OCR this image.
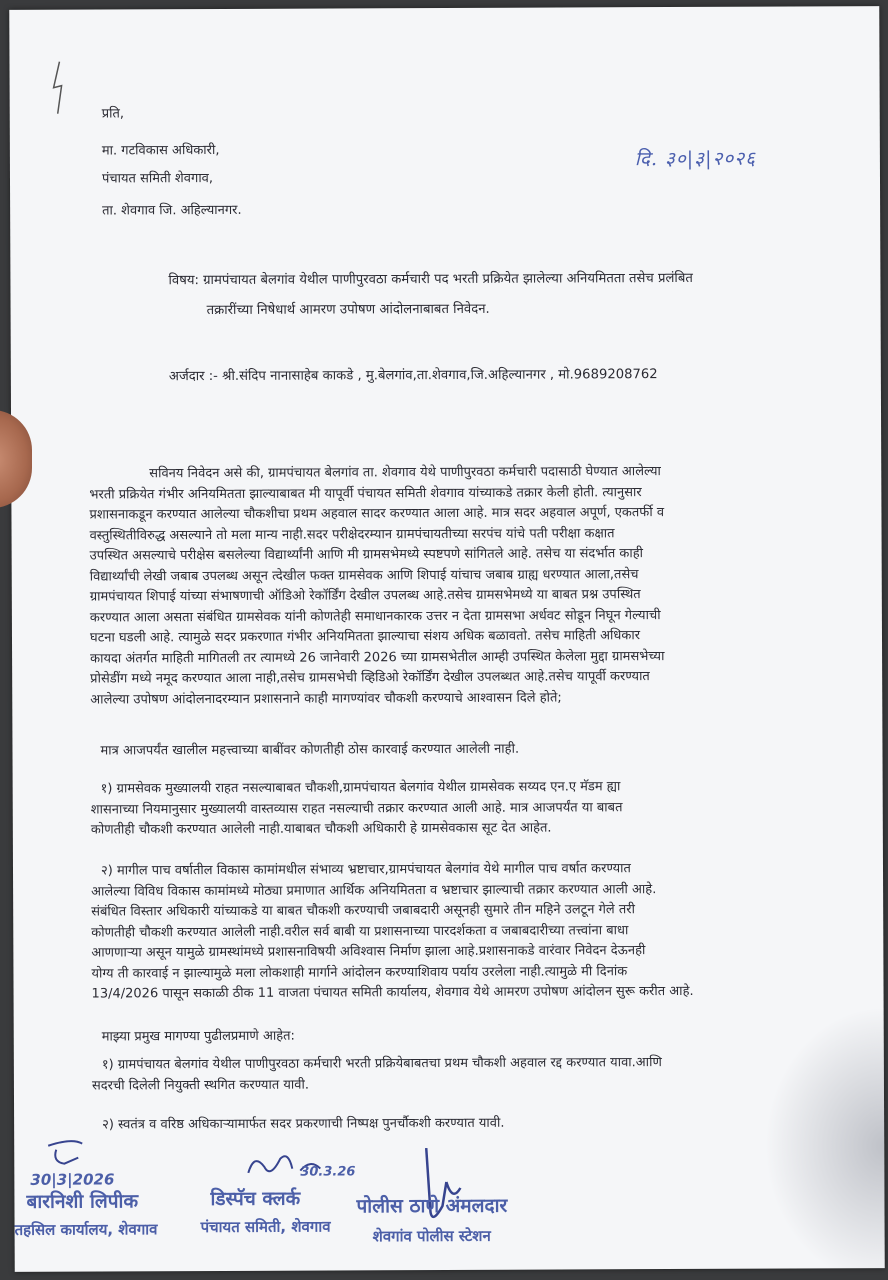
प्रति,
मा. गटविकास अधिकारी,
पंचायत समिती शेवगाव,
ता. शेवगाव जि. अहिल्यानगर.
दि. ३०|३|२०२६
विषय: ग्रामपंचायत बेलगांव येथील पाणीपुरवठा कर्मचारी पद भरती प्रक्रियेत झालेल्या अनियमितता तसेच प्रलंबित
तक्रारींच्या निषेधार्थ आमरण उपोषण आंदोलनाबाबत निवेदन.
अर्जदार :- श्री.संदिप नानासाहेब काकडे , मु.बेलगांव,ता.शेवगाव,जि.अहिल्यानगर , मो.9689208762
सविनय निवेदन असे की, ग्रामपंचायत बेलगांव ता. शेवगाव येथे पाणीपुरवठा कर्मचारी पदासाठी घेण्यात आलेल्या
भरती प्रक्रियेत गंभीर अनियमितता झाल्याबाबत मी यापूर्वी पंचायत समिती शेवगाव यांच्याकडे तक्रार केली होती. त्यानुसार
प्रशासनाकडून करण्यात आलेल्या चौकशीचा प्रथम अहवाल सादर करण्यात आला आहे. मात्र सदर अहवाल अपूर्ण, एकतर्फी व
वस्तुस्थितीविरुद्ध असल्याने तो मला मान्य नाही.सदर परीक्षेदरम्यान ग्रामपंचायतीच्या सरपंच यांचे पती परीक्षा कक्षात
उपस्थित असल्याचे परीक्षेस बसलेल्या विद्यार्थ्यांनी आणि मी ग्रामसभेमध्ये स्पष्टपणे सांगितले आहे. तसेच या संदर्भात काही
विद्यार्थ्यांची लेखी जबाब उपलब्ध असून त्देखील फक्त ग्रामसेवक आणि शिपाई यांचाच जबाब ग्राह्य धरण्यात आला,तसेच
ग्रामपंचायत शिपाई यांच्या संभाषणाची ऑडिओ रेकॉर्डिंग देखील उपलब्ध आहे.तसेच ग्रामसभेमध्ये या बाबत प्रश्न उपस्थित
करण्यात आला असता संबंधित ग्रामसेवक यांनी कोणतेही समाधानकारक उत्तर न देता ग्रामसभा अर्धवट सोडून निघून गेल्याची
घटना घडली आहे. त्यामुळे सदर प्रकरणात गंभीर अनियमितता झाल्याचा संशय अधिक बळावतो. तसेच माहिती अधिकार
कायदा अंतर्गत माहिती मागितली तर त्यामध्ये 26 जानेवारी 2026 च्या ग्रामसभेतील आम्ही उपस्थित केलेला मुद्दा ग्रामसभेच्या
प्रोसेडींग मध्ये नमूद करण्यात आला नाही,तसेच ग्रामसभेची व्हिडिओ रेकॉर्डिंग देखील उपलब्धत आहे.तसेच यापूर्वी करण्यात
आलेल्या उपोषण आंदोलनादरम्यान प्रशासनाने काही मागण्यांवर चौकशी करण्याचे आश्वासन दिले होते;
मात्र आजपर्यंत खालील महत्त्वाच्या बाबींवर कोणतीही ठोस कारवाई करण्यात आलेली नाही.
१) ग्रामसेवक मुख्यालयी राहत नसल्याबाबत चौकशी,ग्रामपंचायत बेलगांव येथील ग्रामसेवक सय्यद एन.ए मॅडम ह्या
शासनाच्या नियमानुसार मुख्यालयी वास्तव्यास राहत नसल्याची तक्रार करण्यात आली आहे. मात्र आजपर्यंत या बाबत
कोणतीही चौकशी करण्यात आलेली नाही.याबाबत चौकशी अधिकारी हे ग्रामसेवकास सूट देत आहेत.
२) मागील पाच वर्षातील विकास कामांमधील संभाव्य भ्रष्टाचार,ग्रामपंचायत बेलगांव येथे मागील पाच वर्षात करण्यात
आलेल्या विविध विकास कामांमध्ये मोठ्या प्रमाणात आर्थिक अनियमितता व भ्रष्टाचार झाल्याची तक्रार करण्यात आली आहे.
संबंधित विस्तार अधिकारी यांच्याकडे या बाबत चौकशी करण्याची जबाबदारी असूनही सुमारे तीन महिने उलटून गेले तरी
कोणतीही चौकशी करण्यात आलेली नाही.वरील सर्व बाबी या प्रशासनाच्या पारदर्शकता व जबाबदारीच्या तत्त्वांना बाधा
आणणाऱ्या असून यामुळे ग्रामस्थांमध्ये प्रशासनाविषयी अविश्वास निर्माण झाला आहे.प्रशासनाकडे वारंवार निवेदन देऊनही
योग्य ती कारवाई न झाल्यामुळे मला लोकशाही मार्गाने आंदोलन करण्याशिवाय पर्याय उरलेला नाही.त्यामुळे मी दिनांक
13/4/2026 पासून सकाळी ठीक 11 वाजता पंचायत समिती कार्यालय, शेवगाव येथे आमरण उपोषण आंदोलन सुरू करीत आहे.
माझ्या प्रमुख मागण्या पुढीलप्रमाणे आहेत:
१) ग्रामपंचायत बेलगांव येथील पाणीपुरवठा कर्मचारी भरती प्रक्रियेबाबतचा प्रथम चौकशी अहवाल रद्द करण्यात यावा.आणि
सदरची दिलेली नियुक्ती स्थगित करण्यात यावी.
२) स्वतंत्र व वरिष्ठ अधिकाऱ्यामार्फत सदर प्रकरणाची निष्पक्ष पुनर्चौकशी करण्यात यावी.
30|3|2026
बारनिशी लिपीक
तहसिल कार्यालय, शेवगाव
30.3.26
डिस्पॅच क्लर्क
पंचायत समिती, शेवगाव
पोलीस ठाणे अंमलदार
शेवगांव पोलीस स्टेशन
